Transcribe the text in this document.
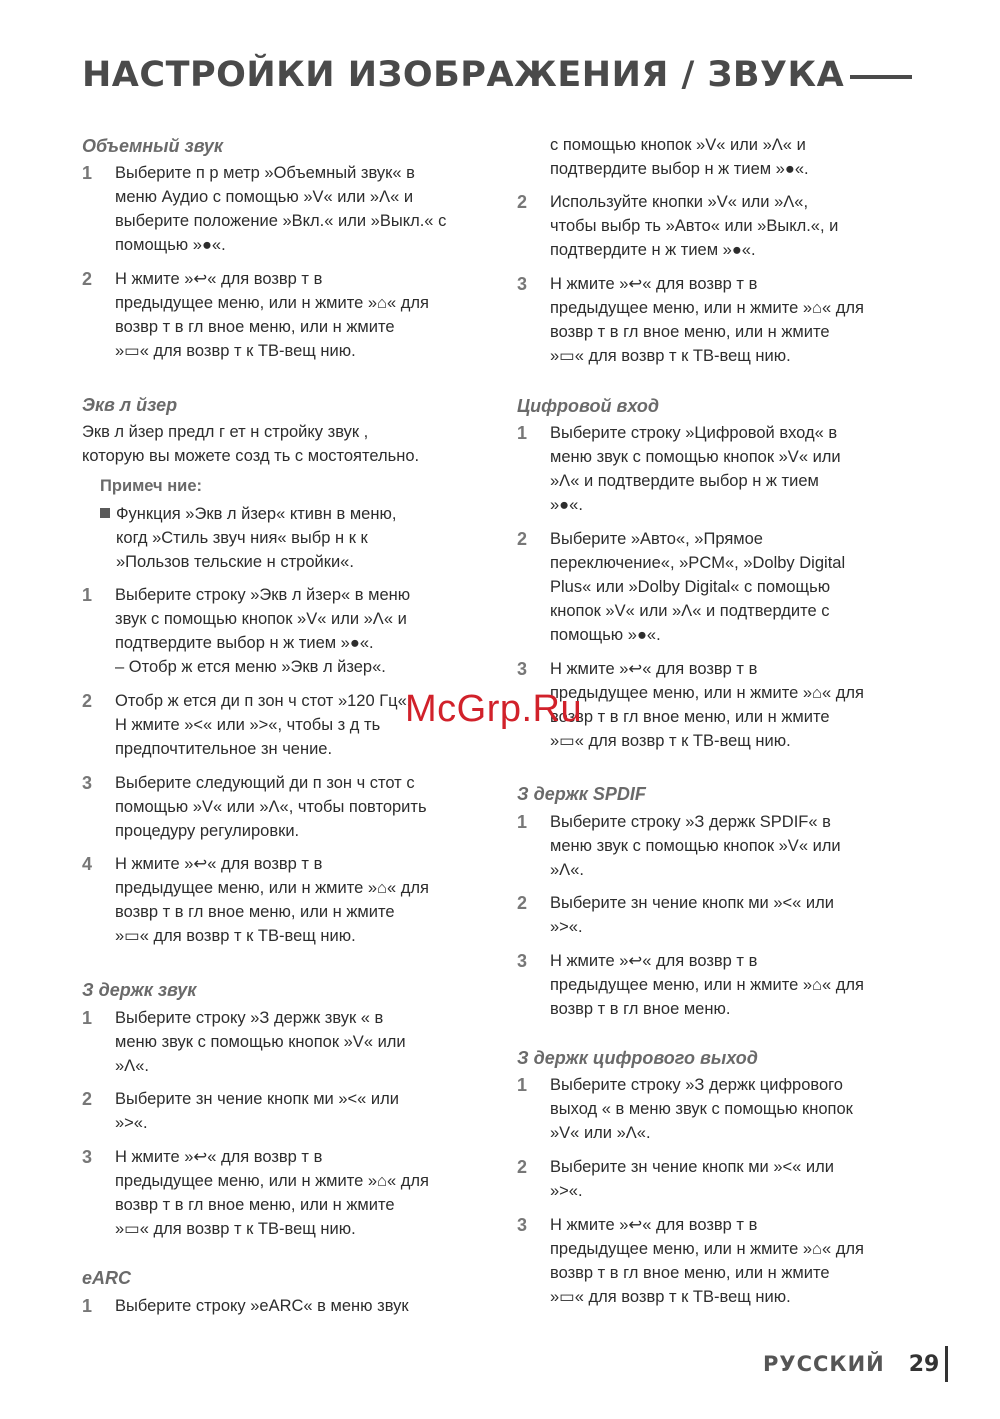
НАСТРОЙКИ ИЗОБРАЖЕНИЯ / ЗВУКА
Объемный звук
1 Выберите п р метр »Объемный звук« в
меню Аудио с помощью »V« или »Λ« и
выберите положение »Вкл.« или »Выкл.« с
помощью »●«.
2 Н жмите »↩« для возвр т в
предыдущее меню, или н жмите »⌂« для
возвр т в гл вное меню, или н жмите
»▭« для возвр т к ТВ-вещ нию.
Экв л йзер
Экв л йзер предл г ет н стройку звук ,
которую вы можете созд ть с мостоятельно.
Примеч ние:
Функция »Экв л йзер« ктивн в меню,
когд »Стиль звуч ния« выбр н к к
»Пользов тельские н стройки«.
1 Выберите строку »Экв л йзер« в меню
звук с помощью кнопок »V« или »Λ« и
подтвердите выбор н ж тием »●«.
– Отобр ж ется меню »Экв л йзер«.
2 Отобр ж ется ди п зон ч стот »120 Гц«.
Н жмите »<« или »>«, чтобы з д ть
предпочтительное зн чение.
3 Выберите следующий ди п зон ч стот с
помощью »V« или »Λ«, чтобы повторить
процедуру регулировки.
4 Н жмите »↩« для возвр т в
предыдущее меню, или н жмите »⌂« для
возвр т в гл вное меню, или н жмите
»▭« для возвр т к ТВ-вещ нию.
З держк звук
1 Выберите строку »З держк звук « в
меню звук с помощью кнопок »V« или
»Λ«.
2 Выберите зн чение кнопк ми »<« или
»>«.
3 Н жмите »↩« для возвр т в
предыдущее меню, или н жмите »⌂« для
возвр т в гл вное меню, или н жмите
»▭« для возвр т к ТВ-вещ нию.
eARC
1 Выберите строку »eARC« в меню звук
с помощью кнопок »V« или »Λ« и
подтвердите выбор н ж тием »●«.
2 Используйте кнопки »V« или »Λ«,
чтобы выбр ть »Авто« или »Выкл.«, и
подтвердите н ж тием »●«.
3 Н жмите »↩« для возвр т в
предыдущее меню, или н жмите »⌂« для
возвр т в гл вное меню, или н жмите
»▭« для возвр т к ТВ-вещ нию.
Цифровой вход
1 Выберите строку »Цифровой вход« в
меню звук с помощью кнопок »V« или
»Λ« и подтвердите выбор н ж тием
»●«.
2 Выберите »Авто«, »Прямое
переключение«, »PCM«, »Dolby Digital
Plus« или »Dolby Digital« с помощью
кнопок »V« или »Λ« и подтвердите с
помощью »●«.
3 Н жмите »↩« для возвр т в
предыдущее меню, или н жмите »⌂« для
возвр т в гл вное меню, или н жмите
»▭« для возвр т к ТВ-вещ нию.
З держк SPDIF
1 Выберите строку »З держк SPDIF« в
меню звук с помощью кнопок »V« или
»Λ«.
2 Выберите зн чение кнопк ми »<« или
»>«.
3 Н жмите »↩« для возвр т в
предыдущее меню, или н жмите »⌂« для
возвр т в гл вное меню.
З держк цифрового выход
1 Выберите строку »З держк цифрового
выход « в меню звук с помощью кнопок
»V« или »Λ«.
2 Выберите зн чение кнопк ми »<« или
»>«.
3 Н жмите »↩« для возвр т в
предыдущее меню, или н жмите »⌂« для
возвр т в гл вное меню, или н жмите
»▭« для возвр т к ТВ-вещ нию.
McGrp.Ru
РУССКИЙ 29
